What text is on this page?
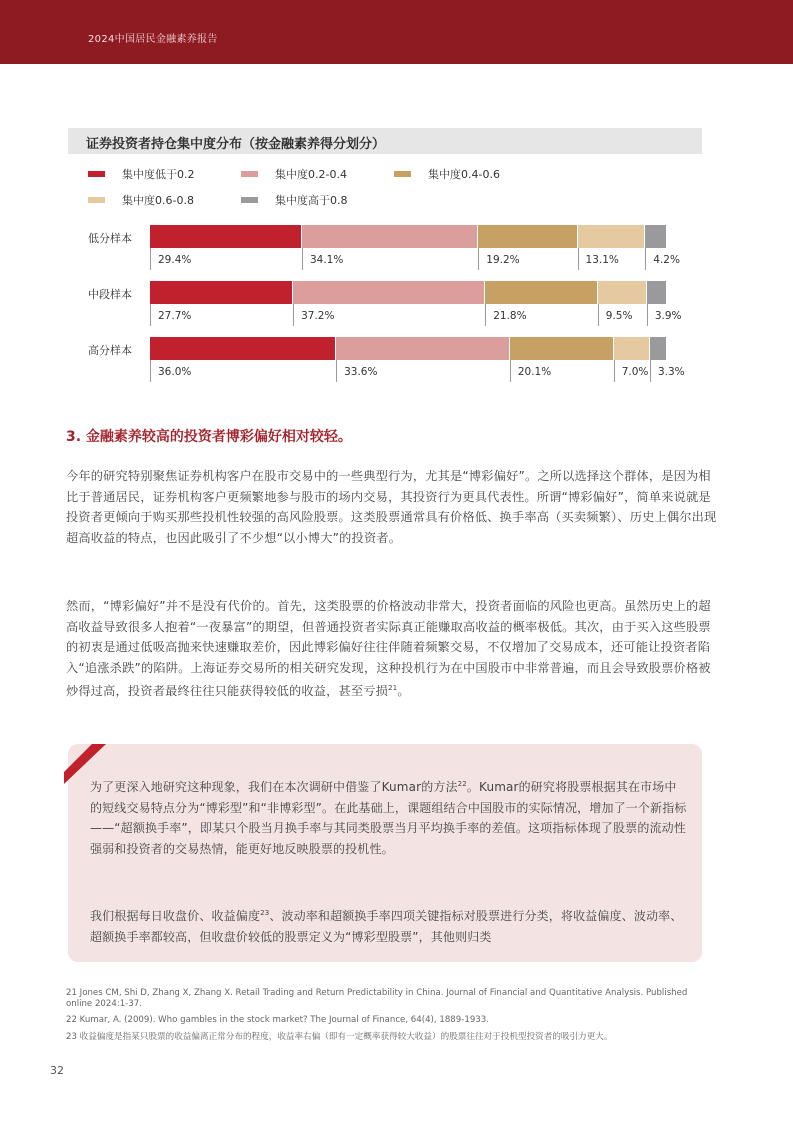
2024中国居民金融素养报告
证券投资者持仓集中度分布（按金融素养得分划分）
集中度低于0.2	集中度0.2-0.4	集中度0.4-0.6
集中度0.6-0.8	集中度高于0.8
低分样本
29.4%	34.1%	19.2%	13.1%	4.2%
中段样本
27.7%	37.2%	21.8%	9.5% 3.9%
高分样本
36.0%	33.6%	20.1%	7.0% 3.3%
3. 金融素养较高的投资者博彩偏好相对较轻。

今年的研究特别聚焦证券机构客户在股市交易中的一些典型行为，尤其是“博彩偏好”。之所以选择这个群体，是因为相比于普通居民，证券机构客户更频繁地参与股市的场内交易，其投资行为更具代表性。所谓“博彩偏好”，简单来说就是投资者更倾向于购买那些投机性较强的高风险股票。这类股票通常具有价格低、换手率高（买卖频繁）、历史上偶尔出现超高收益的特点，也因此吸引了不少想“以小博大”的投资者。

然而，“博彩偏好”并不是没有代价的。首先，这类股票的价格波动非常大，投资者面临的风险也更高。虽然历史上的超高收益导致很多人抱着“一夜暴富”的期望，但普通投资者实际真正能赚取高收益的概率极低。其次，由于买入这些股票的初衷是通过低吸高抛来快速赚取差价，因此博彩偏好往往伴随着频繁交易，不仅增加了交易成本，还可能让投资者陷入“追涨杀跌”的陷阱。上海证券交易所的相关研究发现，这种投机行为在中国股市中非常普遍，而且会导致股票价格被炒得过高，投资者最终往往只能获得较低的收益，甚至亏损$^{21}$。

为了更深入地研究这种现象，我们在本次调研中借鉴了Kumar的方法$^{22}$。Kumar的研究将股票根据其在市场中的短线交易特点分为“博彩型”和“非博彩型”。在此基础上，课题组结合中国股市的实际情况，增加了一个新指标——“超额换手率”，即某只个股当月换手率与其同类股票当月平均换手率的差值。这项指标体现了股票的流动性强弱和投资者的交易热情，能更好地反映股票的投机性。

我们根据每日收盘价、收益偏度$^{23}$、波动率和超额换手率四项关键指标对股票进行分类，将收益偏度、波动率、超额换手率都较高，但收盘价较低的股票定义为“博彩型股票”，其他则归类

21 Jones CM, Shi D, Zhang X, Zhang X. Retail Trading and Return Predictability in China. Journal of Financial and Quantitative Analysis. Published online 2024:1-37.

22 Kumar, A. (2009). Who gambles in the stock market? The Journal of Finance, 64(4), 1889-1933.

23 收益偏度是指某只股票的收益偏离正常分布的程度，收益率右偏（即有一定概率获得较大收益）的股票往往对于投机型投资者的吸引力更大。

32
